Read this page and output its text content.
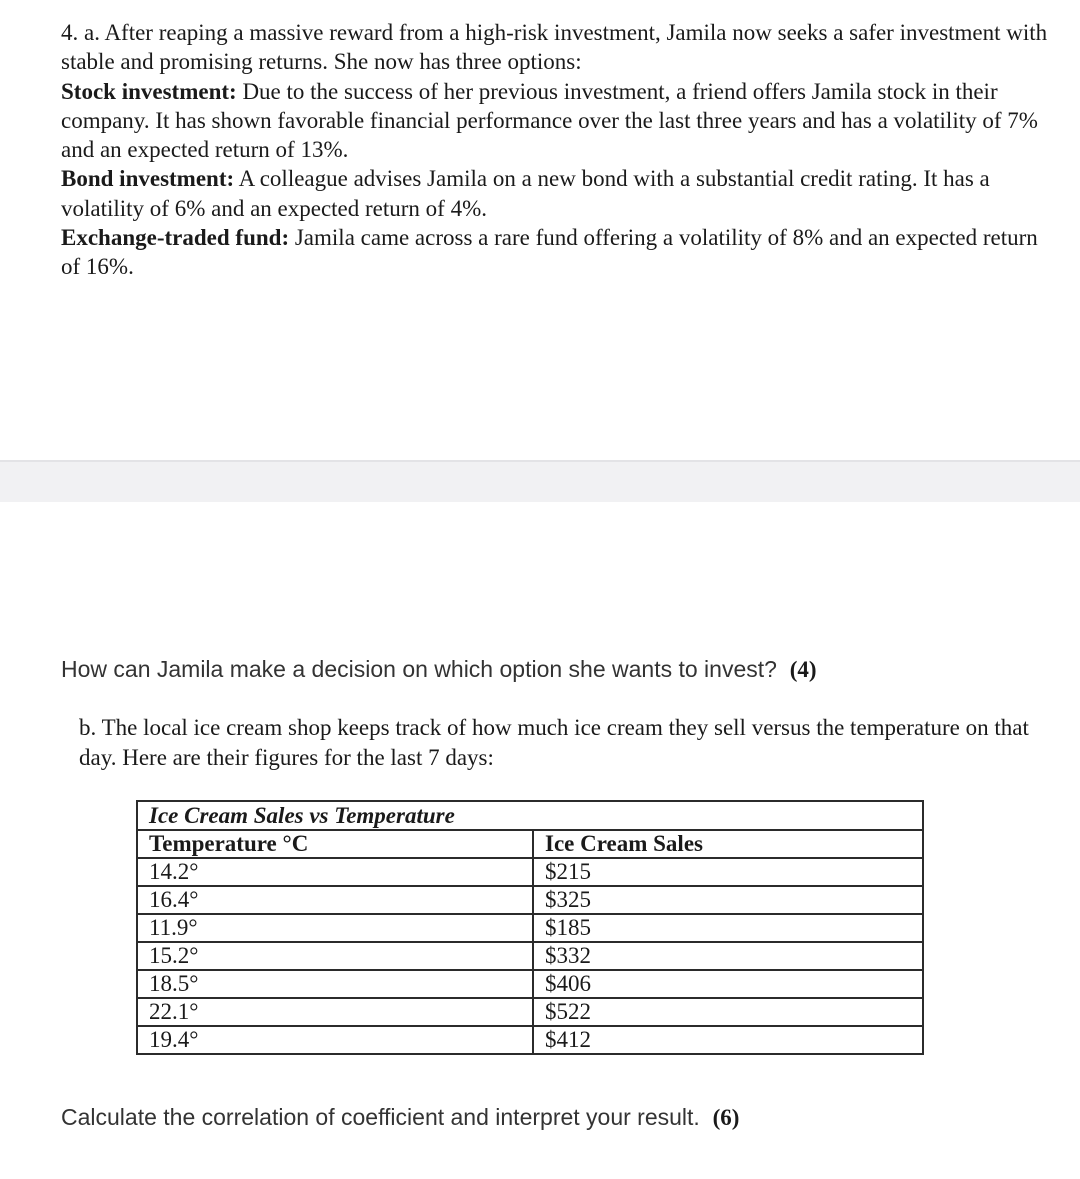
4. a. After reaping a massive reward from a high-risk investment, Jamila now seeks a safer investment with stable and promising returns. She now has three options:
Stock investment: Due to the success of her previous investment, a friend offers Jamila stock in their company. It has shown favorable financial performance over the last three years and has a volatility of 7% and an expected return of 13%.
Bond investment: A colleague advises Jamila on a new bond with a substantial credit rating. It has a volatility of 6% and an expected return of 4%.
Exchange-traded fund: Jamila came across a rare fund offering a volatility of 8% and an expected return of 16%.
How can Jamila make a decision on which option she wants to invest? (4)
b. The local ice cream shop keeps track of how much ice cream they sell versus the temperature on that day. Here are their figures for the last 7 days:
Ice Cream Sales vs Temperature	
Temperature °C	Ice Cream Sales
14.2°	$215
16.4°	$325
11.9°	$185
15.2°	$332
18.5°	$406
22.1°	$522
19.4°	$412
Calculate the correlation of coefficient and interpret your result. (6)
